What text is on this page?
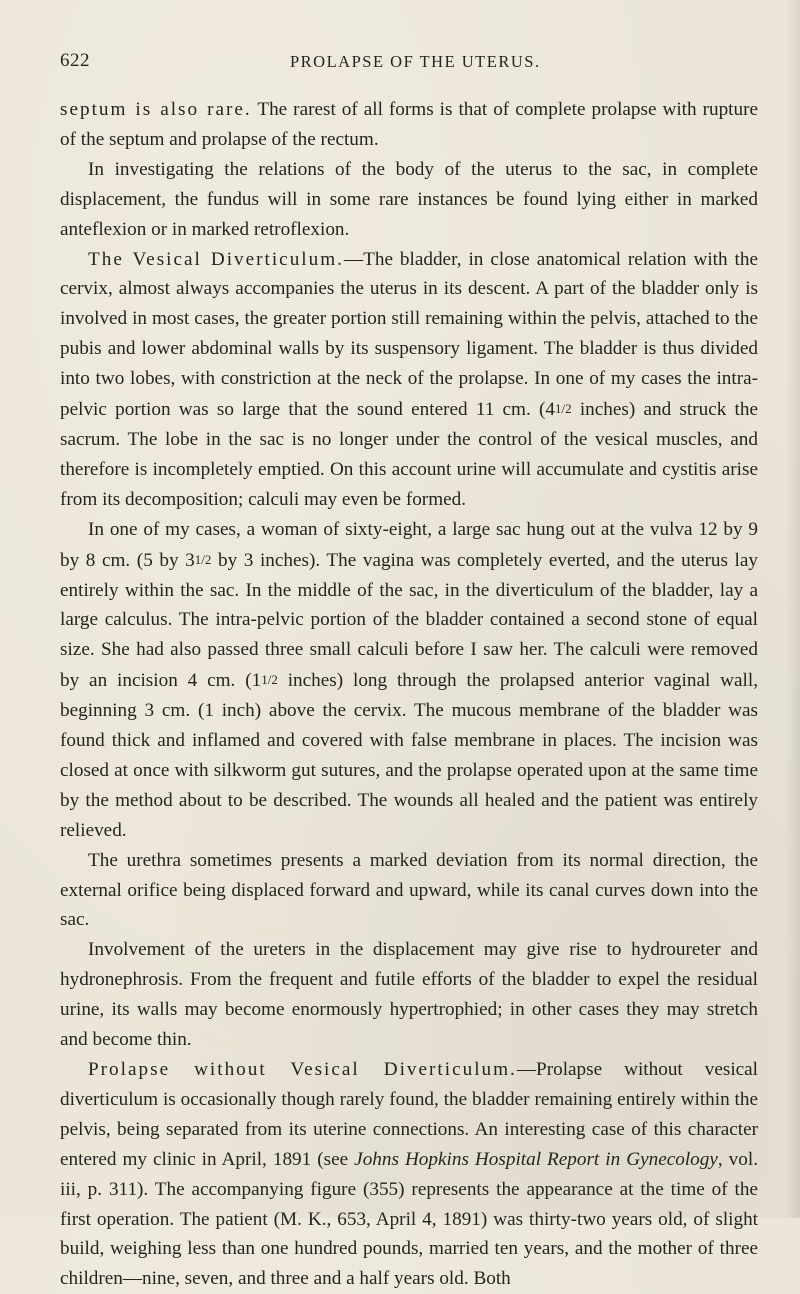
622	PROLAPSE OF THE UTERUS.

septum is also rare. The rarest of all forms is that of complete prolapse with rupture of the septum and prolapse of the rectum.

In investigating the relations of the body of the uterus to the sac, in complete displacement, the fundus will in some rare instances be found lying either in marked anteflexion or in marked retroflexion.

The Vesical Diverticulum.—The bladder, in close anatomical relation with the cervix, almost always accompanies the uterus in its descent. A part of the bladder only is involved in most cases, the greater portion still remaining within the pelvis, attached to the pubis and lower abdominal walls by its suspensory ligament. The bladder is thus divided into two lobes, with constriction at the neck of the prolapse. In one of my cases the intra-pelvic portion was so large that the sound entered 11 cm. (41/2 inches) and struck the sacrum. The lobe in the sac is no longer under the control of the vesical muscles, and therefore is incompletely emptied. On this account urine will accumulate and cystitis arise from its decomposition; calculi may even be formed.

In one of my cases, a woman of sixty-eight, a large sac hung out at the vulva 12 by 9 by 8 cm. (5 by 31/2 by 3 inches). The vagina was completely everted, and the uterus lay entirely within the sac. In the middle of the sac, in the diverticulum of the bladder, lay a large calculus. The intra-pelvic portion of the bladder contained a second stone of equal size. She had also passed three small calculi before I saw her. The calculi were removed by an incision 4 cm. (11/2 inches) long through the prolapsed anterior vaginal wall, beginning 3 cm. (1 inch) above the cervix. The mucous membrane of the bladder was found thick and inflamed and covered with false membrane in places. The incision was closed at once with silkworm gut sutures, and the prolapse operated upon at the same time by the method about to be described. The wounds all healed and the patient was entirely relieved.

The urethra sometimes presents a marked deviation from its normal direction, the external orifice being displaced forward and upward, while its canal curves down into the sac.

Involvement of the ureters in the displacement may give rise to hydroureter and hydronephrosis. From the frequent and futile efforts of the bladder to expel the residual urine, its walls may become enormously hypertrophied; in other cases they may stretch and become thin.

Prolapse without Vesical Diverticulum.—Prolapse without vesical diverticulum is occasionally though rarely found, the bladder remaining entirely within the pelvis, being separated from its uterine connections. An interesting case of this character entered my clinic in April, 1891 (see Johns Hopkins Hospital Report in Gynecology, vol. iii, p. 311). The accompanying figure (355) represents the appearance at the time of the first operation. The patient (M. K., 653, April 4, 1891) was thirty-two years old, of slight build, weighing less than one hundred pounds, married ten years, and the mother of three children—nine, seven, and three and a half years old. Both
